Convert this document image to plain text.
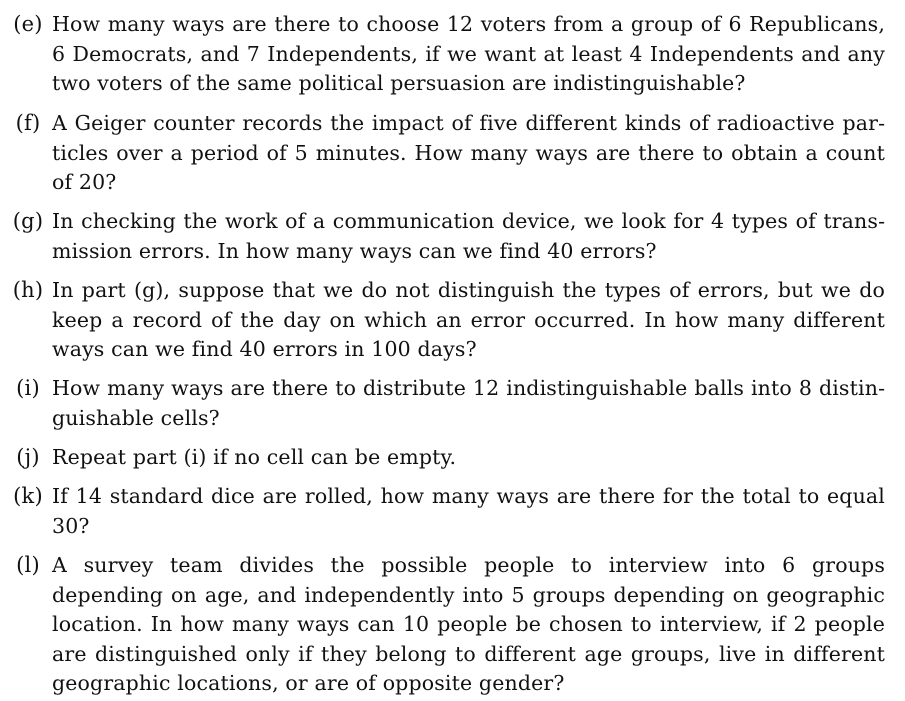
(e) How many ways are there to choose 12 voters from a group of 6 Republicans, 6 Democrats, and 7 Independents, if we want at least 4 Independents and any two voters of the same political persuasion are indistinguishable?

(f) A Geiger counter records the impact of five different kinds of radioactive particles over a period of 5 minutes. How many ways are there to obtain a count of 20?

(g) In checking the work of a communication device, we look for 4 types of transmission errors. In how many ways can we find 40 errors?

(h) In part (g), suppose that we do not distinguish the types of errors, but we do keep a record of the day on which an error occurred. In how many different ways can we find 40 errors in 100 days?

(i) How many ways are there to distribute 12 indistinguishable balls into 8 distinguishable cells?

(j) Repeat part (i) if no cell can be empty.

(k) If 14 standard dice are rolled, how many ways are there for the total to equal 30?

(l) A survey team divides the possible people to interview into 6 groups depending on age, and independently into 5 groups depending on geographic location. In how many ways can 10 people be chosen to interview, if 2 people are distinguished only if they belong to different age groups, live in different geographic locations, or are of opposite gender?
